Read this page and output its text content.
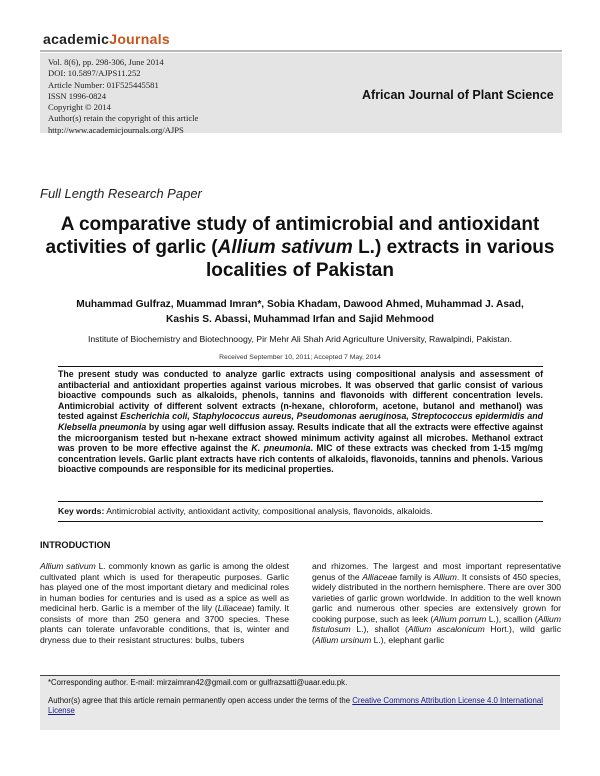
academicJournals
Vol. 8(6), pp. 298-306, June 2014
DOI: 10.5897/AJPS11.252
Article Number: 01F525445581
ISSN 1996-0824
Copyright © 2014
Author(s) retain the copyright of this article
http://www.academicjournals.org/AJPS
African Journal of Plant Science
Full Length Research Paper
A comparative study of antimicrobial and antioxidant activities of garlic (Allium sativum L.) extracts in various localities of Pakistan
Muhammad Gulfraz, Muammad Imran*, Sobia Khadam, Dawood Ahmed, Muhammad J. Asad,
Kashis S. Abassi, Muhammad Irfan and Sajid Mehmood
Institute of Biochemistry and Biotechnoogy, Pir Mehr Ali Shah Arid Agriculture University, Rawalpindi, Pakistan.
Received September 10, 2011; Accepted 7 May, 2014
The present study was conducted to analyze garlic extracts using compositional analysis and assessment of antibacterial and antioxidant properties against various microbes. It was observed that garlic consist of various bioactive compounds such as alkaloids, phenols, tannins and flavonoids with different concentration levels. Antimicrobial activity of different solvent extracts (n-hexane, chloroform, acetone, butanol and methanol) was tested against Escherichia coli, Staphylococcus aureus, Pseudomonas aeruginosa, Streptococcus epidermidis and Klebsella pneumonia by using agar well diffusion assay. Results indicate that all the extracts were effective against the microorganism tested but n-hexane extract showed minimum activity against all microbes. Methanol extract was proven to be more effective against the K. pneumonia. MIC of these extracts was checked from 1-15 mg/mg concentration levels. Garlic plant extracts have rich contents of alkaloids, flavonoids, tannins and phenols. Various bioactive compounds are responsible for its medicinal properties.
Key words: Antimicrobial activity, antioxidant activity, compositional analysis, flavonoids, alkaloids.
INTRODUCTION
Allium sativum L. commonly known as garlic is among the oldest cultivated plant which is used for therapeutic purposes. Garlic has played one of the most important dietary and medicinal roles in human bodies for centuries and is used as a spice as well as medicinal herb. Garlic is a member of the lily (Liliaceae) family. It consists of more than 250 genera and 3700 species. These plants can tolerate unfavorable conditions, that is, winter and dryness due to their resistant structures: bulbs, tubers
and rhizomes. The largest and most important representative genus of the Alliaceae family is Allium. It consists of 450 species, widely distributed in the northern hemisphere. There are over 300 varieties of garlic grown worldwide. In addition to the well known garlic and numerous other species are extensively grown for cooking purpose, such as leek (Allium porrum L.), scallion (Allium fistulosum L.), shallot (Allium ascalonicum Hort.), wild garlic (Allium ursinum L.), elephant garlic
*Corresponding author. E-mail: mirzaimran42@gmail.com or gulfrazsatti@uaar.edu.pk.
Author(s) agree that this article remain permanently open access under the terms of the Creative Commons Attribution License 4.0 International License
